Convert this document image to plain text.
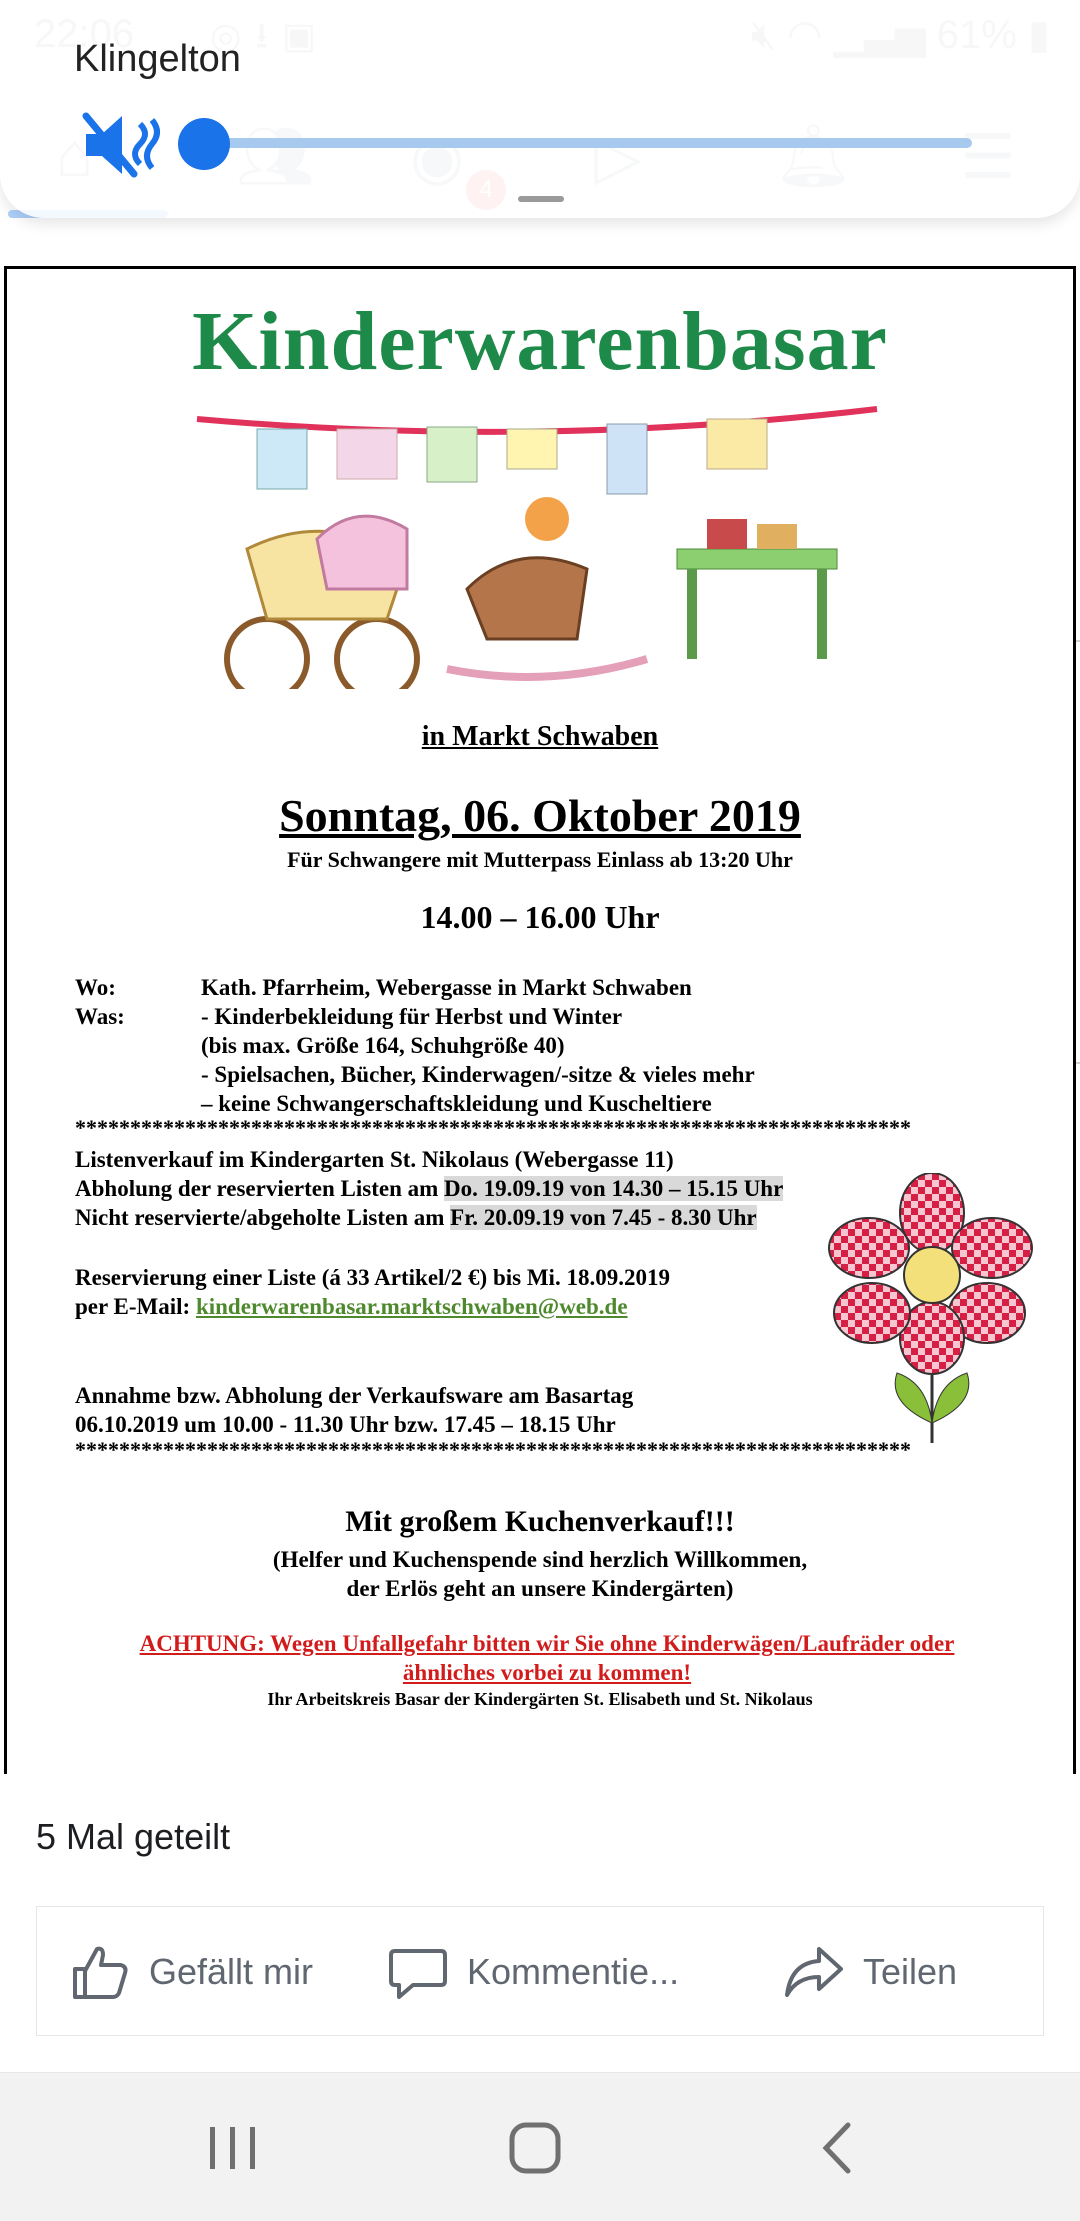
Klingelton
Kinderwarenbasar
in Markt Schwaben
Sonntag, 06. Oktober 2019
Für Schwangere mit Mutterpass Einlass ab 13:20 Uhr
14.00 – 16.00 Uhr
Wo:	Kath. Pfarrheim, Webergasse in Markt Schwaben
Was:	- Kinderbekleidung für Herbst und Winter
(bis max. Größe 164, Schuhgröße 40)
- Spielsachen, Bücher, Kinderwagen/-sitze & vieles mehr
– keine Schwangerschaftskleidung und Kuscheltiere
****************************************************************************
Listenverkauf im Kindergarten St. Nikolaus (Webergasse 11)
Abholung der reservierten Listen am Do. 19.09.19 von 14.30 – 15.15 Uhr
Nicht reservierte/abgeholte Listen am Fr. 20.09.19 von 7.45 - 8.30 Uhr
Reservierung einer Liste (á 33 Artikel/2 €) bis Mi. 18.09.2019
per E-Mail: kinderwarenbasar.marktschwaben@web.de
Annahme bzw. Abholung der Verkaufsware am Basartag
06.10.2019 um 10.00 - 11.30 Uhr bzw. 17.45 – 18.15 Uhr
****************************************************************************
Mit großem Kuchenverkauf!!!
(Helfer und Kuchenspende sind herzlich Willkommen,
der Erlös geht an unsere Kindergärten)
ACHTUNG: Wegen Unfallgefahr bitten wir Sie ohne Kinderwägen/Laufräder oder
ähnliches vorbei zu kommen!
Ihr Arbeitskreis Basar der Kindergärten St. Elisabeth und St. Nikolaus
5 Mal geteilt
Gefällt mir	Kommentie...	Teilen
